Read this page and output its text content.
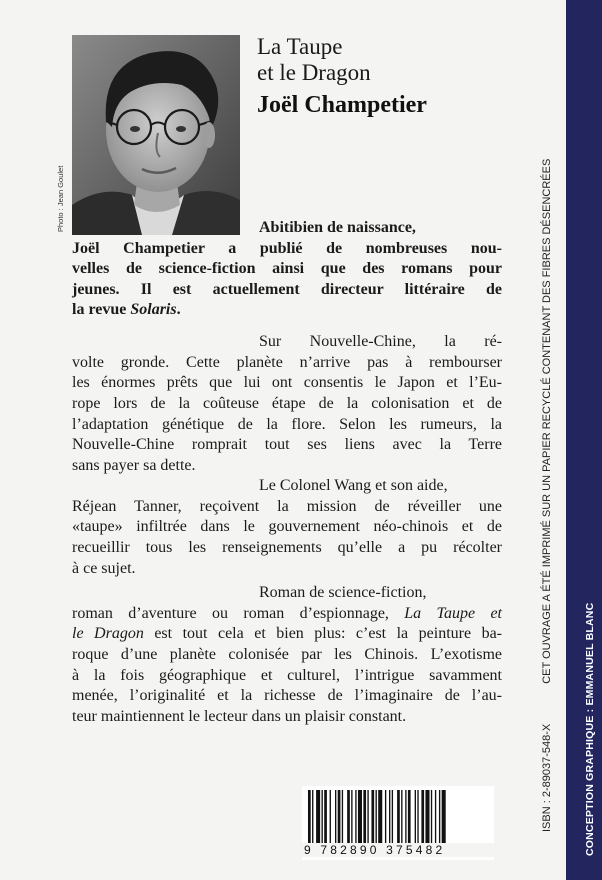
Photo : Jean Goulet
La Taupe
et le Dragon
Joël Champetier
Abitibien de naissance,
Joël Champetier a publié de nombreuses nou-
velles de science-fiction ainsi que des romans pour
jeunes. Il est actuellement directeur littéraire de
la revue Solaris.
Sur Nouvelle-Chine, la ré-
volte gronde. Cette planète n’arrive pas à rembourser
les énormes prêts que lui ont consentis le Japon et l’Eu-
rope lors de la coûteuse étape de la colonisation et de
l’adaptation génétique de la flore. Selon les rumeurs, la
Nouvelle-Chine romprait tout ses liens avec la Terre
sans payer sa dette.
Le Colonel Wang et son aide,
Réjean Tanner, reçoivent la mission de réveiller une
«taupe» infiltrée dans le gouvernement néo-chinois et de
recueillir tous les renseignements qu’elle a pu récolter
à ce sujet.
Roman de science-fiction,
roman d’aventure ou roman d’espionnage, La Taupe et
le Dragon est tout cela et bien plus: c’est la peinture ba-
roque d’une planète colonisée par les Chinois. L’exotisme
à la fois géographique et culturel, l’intrigue savamment
menée, l’originalité et la richesse de l’imaginaire de l’au-
teur maintiennent le lecteur dans un plaisir constant.
9 782890 375482
ISBN : 2-89037-548-XCET OUVRAGE A ÉTÉ IMPRIMÉ SUR UN PAPIER RECYCLÉ CONTENANT DES FIBRES DÉSENCRÉES
CONCEPTION GRAPHIQUE : EMMANUEL BLANC
